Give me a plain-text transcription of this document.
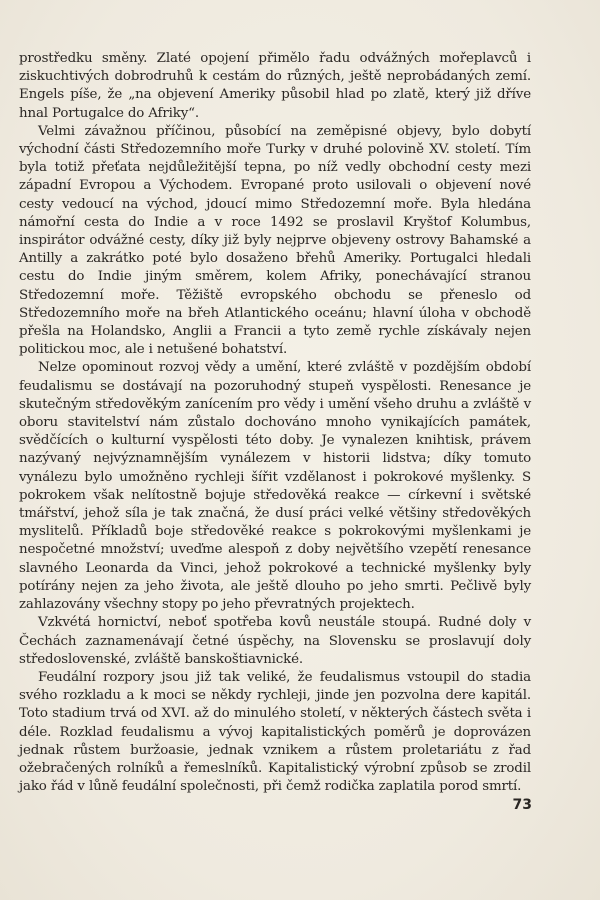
prostředku směny. Zlaté opojení přimělo řadu odvážných mořeplavců i ziskuchtivých dobrodruhů k cestám do různých, ještě neprobádaných zemí. Engels píše, že „na objevení Ameriky působil hlad po zlatě, který již dříve hnal Portugalce do Afriky“.

Velmi závažnou příčinou, působící na zeměpisné objevy, bylo dobytí východní části Středozemního moře Turky v druhé polovině XV. století. Tím byla totiž přeťata nejdůležitější tepna, po níž vedly obchodní cesty mezi západní Evropou a Východem. Evropané proto usilovali o objevení nové cesty vedoucí na východ, jdoucí mimo Středozemní moře. Byla hledána námořní cesta do Indie a v roce 1492 se proslavil Kryštof Kolumbus, inspirátor odvážné cesty, díky již byly nejprve objeveny ostrovy Bahamské a Antilly a zakrátko poté bylo dosaženo břehů Ameriky. Portugalci hledali cestu do Indie jiným směrem, kolem Afriky, ponechávající stranou Středozemní moře. Těžiště evropského obchodu se přeneslo od Středozemního moře na břeh Atlantického oceánu; hlavní úloha v obchodě přešla na Holandsko, Anglii a Francii a tyto země rychle získávaly nejen politickou moc, ale i netušené bohatství.

Nelze opominout rozvoj vědy a umění, které zvláště v pozdějším období feudalismu se dostávají na pozoruhodný stupeň vyspělosti. Renesance je skutečným středověkým zanícením pro vědy i umění všeho druhu a zvláště v oboru stavitelství nám zůstalo dochováno mnoho vynikajících památek, svědčících o kulturní vyspělosti této doby. Je vynalezen knihtisk, právem nazývaný nejvýznamnějším vynálezem v historii lidstva; díky tomuto vynálezu bylo umožněno rychleji šířit vzdělanost i pokrokové myšlenky. S pokrokem však nelítostně bojuje středověká reakce — církevní i světské tmářství, jehož síla je tak značná, že dusí práci velké většiny středověkých myslitelů. Příkladů boje středověké reakce s pokrokovými myšlenkami je nespočetné množství; uveďme alespoň z doby největšího vzepětí renesance slavného Leonarda da Vinci, jehož pokrokové a technické myšlenky byly potírány nejen za jeho života, ale ještě dlouho po jeho smrti. Pečlivě byly zahlazovány všechny stopy po jeho převratných projektech.

Vzkvétá hornictví, neboť spotřeba kovů neustále stoupá. Rudné doly v Čechách zaznamenávají četné úspěchy, na Slovensku se proslavují doly středoslovenské, zvláště banskoštiavnické.

Feudální rozpory jsou již tak veliké, že feudalismus vstoupil do stadia svého rozkladu a k moci se někdy rychleji, jinde jen pozvolna dere kapitál. Toto stadium trvá od XVI. až do minulého století, v některých částech světa i déle. Rozklad feudalismu a vývoj kapitalistických poměrů je doprovázen jednak růstem buržoasie, jednak vznikem a růstem proletariátu z řad ožebračených rolníků a řemeslníků. Kapitalistický výrobní způsob se zrodil jako řád v lůně feudální společnosti, při čemž rodička zaplatila porod smrtí.

73
